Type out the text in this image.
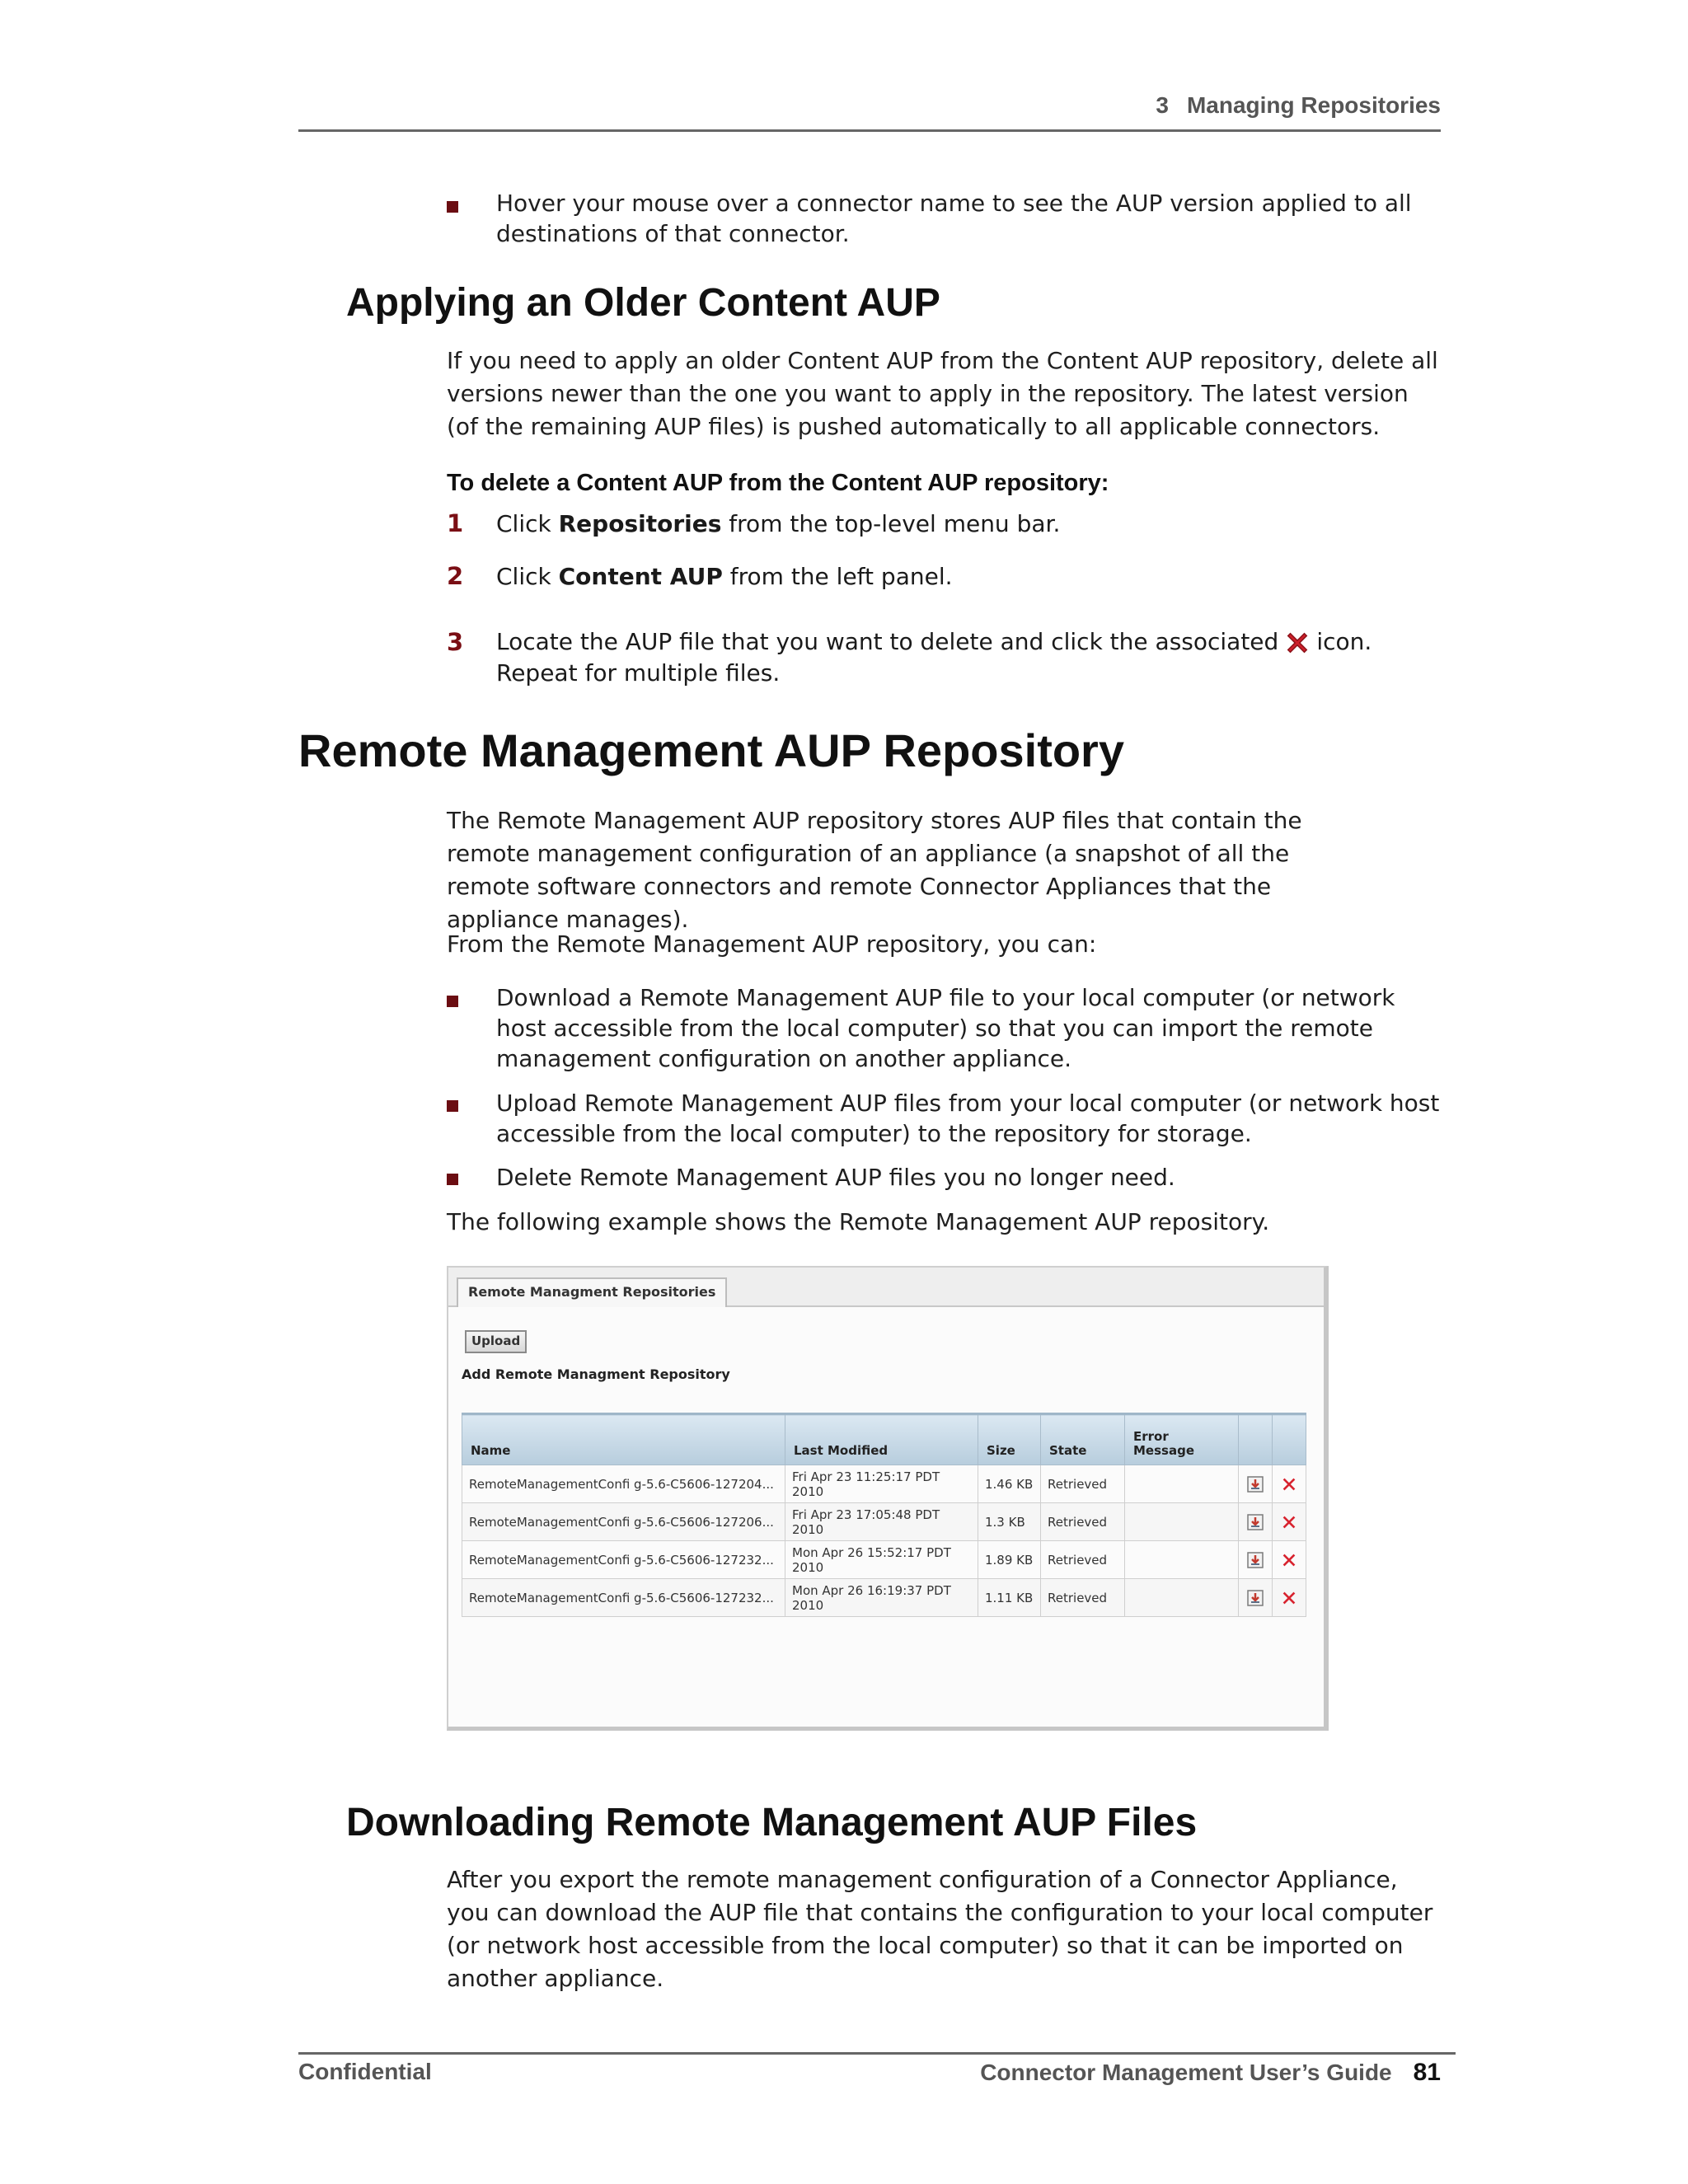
3 Managing Repositories
Hover your mouse over a connector name to see the AUP version applied to all destinations of that connector.
Applying an Older Content AUP
If you need to apply an older Content AUP from the Content AUP repository, delete all versions newer than the one you want to apply in the repository. The latest version (of the remaining AUP files) is pushed automatically to all applicable connectors.
To delete a Content AUP from the Content AUP repository:
1 Click Repositories from the top-level menu bar.
2 Click Content AUP from the left panel.
3 Locate the AUP file that you want to delete and click the associated icon. Repeat for multiple files.
Remote Management AUP Repository
The Remote Management AUP repository stores AUP files that contain the remote management configuration of an appliance (a snapshot of all the remote software connectors and remote Connector Appliances that the appliance manages).
From the Remote Management AUP repository, you can:
Download a Remote Management AUP file to your local computer (or network host accessible from the local computer) so that you can import the remote management configuration on another appliance.
Upload Remote Management AUP files from your local computer (or network host accessible from the local computer) to the repository for storage.
Delete Remote Management AUP files you no longer need.
The following example shows the Remote Management AUP repository.
Remote Managment Repositories
Upload
Add Remote Managment Repository
Name	Last Modified	Size	State	Error Message		
RemoteManagementConfi g-5.6-C5606-127204...	Fri Apr 23 11:25:17 PDT 2010	1.46 KB	Retrieved			
RemoteManagementConfi g-5.6-C5606-127206...	Fri Apr 23 17:05:48 PDT 2010	1.3 KB	Retrieved			
RemoteManagementConfi g-5.6-C5606-127232...	Mon Apr 26 15:52:17 PDT 2010	1.89 KB	Retrieved			
RemoteManagementConfi g-5.6-C5606-127232...	Mon Apr 26 16:19:37 PDT 2010	1.11 KB	Retrieved			
Downloading Remote Management AUP Files
After you export the remote management configuration of a Connector Appliance, you can download the AUP file that contains the configuration to your local computer (or network host accessible from the local computer) so that it can be imported on another appliance.
Confidential	Connector Management User’s Guide 81
